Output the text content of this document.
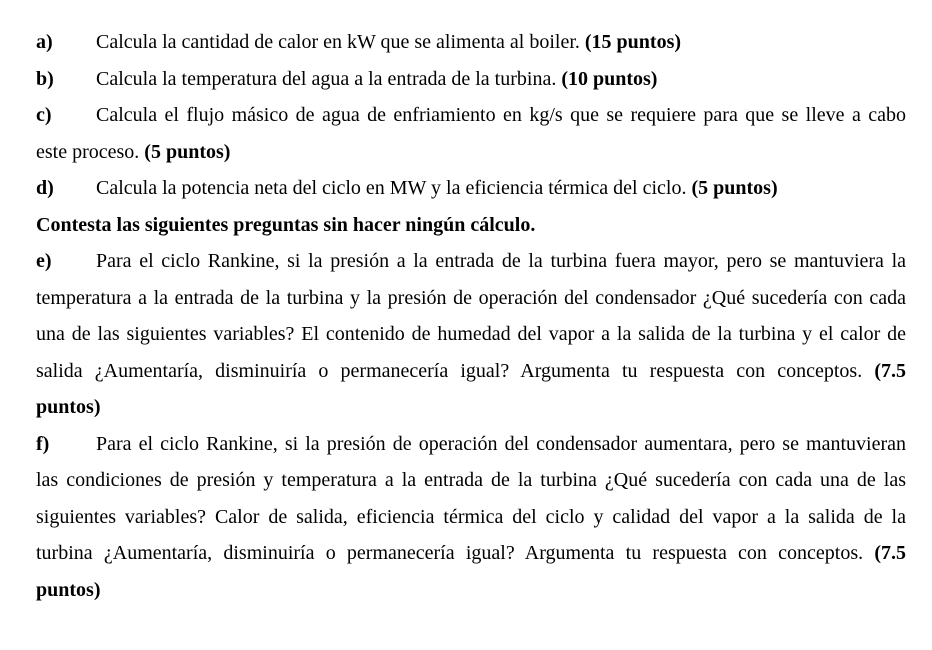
a) Calcula la cantidad de calor en kW que se alimenta al boiler. (15 puntos)
b) Calcula la temperatura del agua a la entrada de la turbina. (10 puntos)
c) Calcula el flujo másico de agua de enfriamiento en kg/s que se requiere para que se lleve a cabo
este proceso. (5 puntos)
d) Calcula la potencia neta del ciclo en MW y la eficiencia térmica del ciclo. (5 puntos)
Contesta las siguientes preguntas sin hacer ningún cálculo.
e) Para el ciclo Rankine, si la presión a la entrada de la turbina fuera mayor, pero se mantuviera la
temperatura a la entrada de la turbina y la presión de operación del condensador ¿Qué sucedería con cada
una de las siguientes variables? El contenido de humedad del vapor a la salida de la turbina y el calor de
salida ¿Aumentaría, disminuiría o permanecería igual? Argumenta tu respuesta con conceptos. (7.5
puntos)
f) Para el ciclo Rankine, si la presión de operación del condensador aumentara, pero se mantuvieran
las condiciones de presión y temperatura a la entrada de la turbina ¿Qué sucedería con cada una de las
siguientes variables? Calor de salida, eficiencia térmica del ciclo y calidad del vapor a la salida de la
turbina ¿Aumentaría, disminuiría o permanecería igual? Argumenta tu respuesta con conceptos. (7.5
puntos)
